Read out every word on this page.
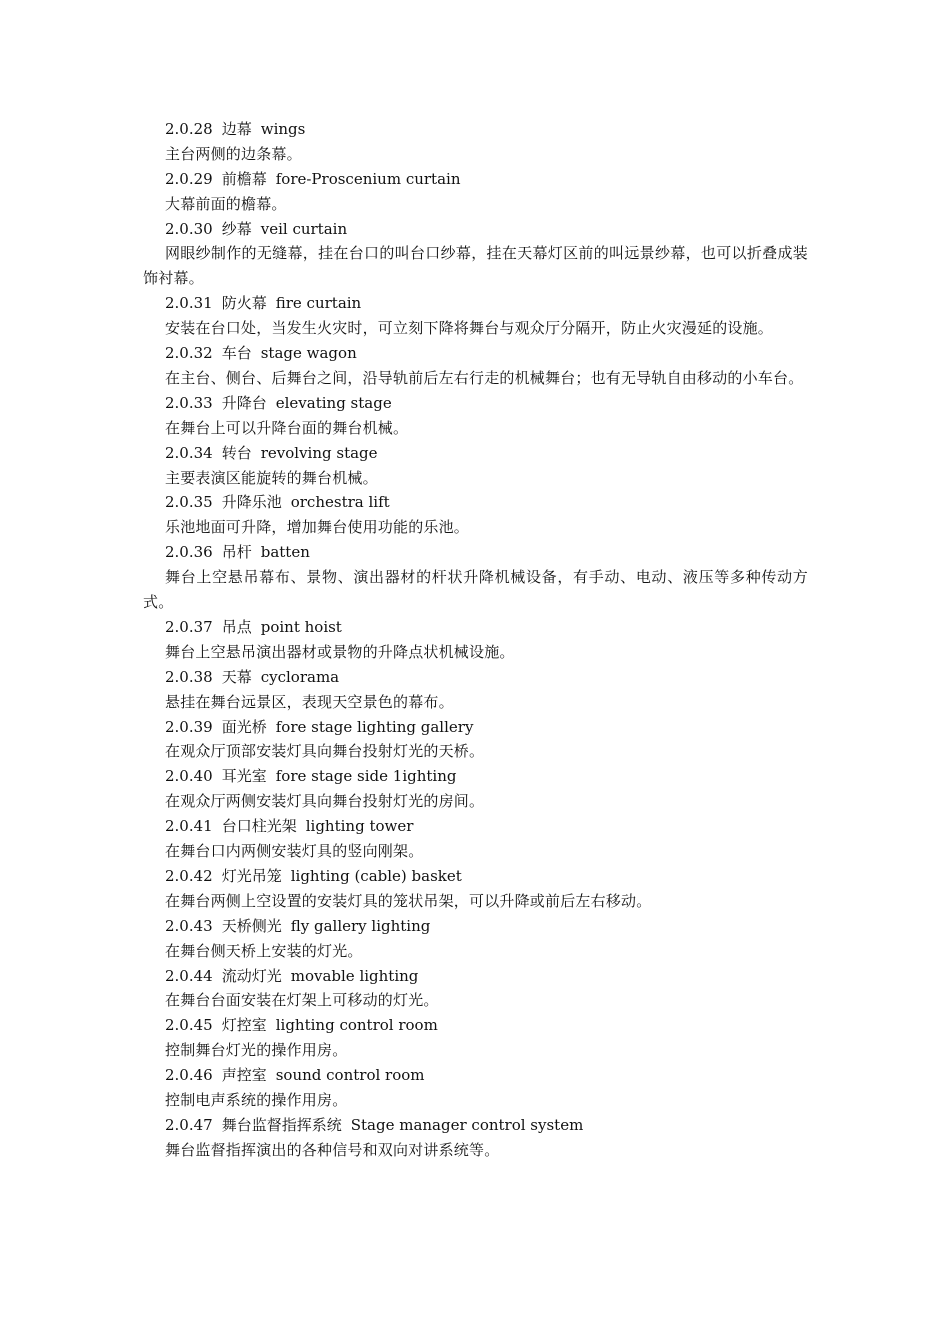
2.0.28 边幕 wings
主台两侧的边条幕。
2.0.29 前檐幕 fore-Proscenium curtain
大幕前面的檐幕。
2.0.30 纱幕 veil curtain
网眼纱制作的无缝幕，挂在台口的叫台口纱幕，挂在天幕灯区前的叫远景纱幕，也可以折叠成装饰衬幕。
2.0.31 防火幕 fire curtain
安装在台口处，当发生火灾时，可立刻下降将舞台与观众厅分隔开，防止火灾漫延的设施。
2.0.32 车台 stage wagon
在主台、侧台、后舞台之间，沿导轨前后左右行走的机械舞台；也有无导轨自由移动的小车台。
2.0.33 升降台 elevating stage
在舞台上可以升降台面的舞台机械。
2.0.34 转台 revolving stage
主要表演区能旋转的舞台机械。
2.0.35 升降乐池 orchestra lift
乐池地面可升降，增加舞台使用功能的乐池。
2.0.36 吊杆 batten
舞台上空悬吊幕布、景物、演出器材的杆状升降机械设备，有手动、电动、液压等多种传动方式。
2.0.37 吊点 point hoist
舞台上空悬吊演出器材或景物的升降点状机械设施。
2.0.38 天幕 cyclorama
悬挂在舞台远景区，表现天空景色的幕布。
2.0.39 面光桥 fore stage lighting gallery
在观众厅顶部安装灯具向舞台投射灯光的天桥。
2.0.40 耳光室 fore stage side 1ighting
在观众厅两侧安装灯具向舞台投射灯光的房间。
2.0.41 台口柱光架 lighting tower
在舞台口内两侧安装灯具的竖向刚架。
2.0.42 灯光吊笼 lighting (cable) basket
在舞台两侧上空设置的安装灯具的笼状吊架，可以升降或前后左右移动。
2.0.43 天桥侧光 fly gallery lighting
在舞台侧天桥上安装的灯光。
2.0.44 流动灯光 movable lighting
在舞台台面安装在灯架上可移动的灯光。
2.0.45 灯控室 lighting control room
控制舞台灯光的操作用房。
2.0.46 声控室 sound control room
控制电声系统的操作用房。
2.0.47 舞台监督指挥系统 Stage manager control system
舞台监督指挥演出的各种信号和双向对讲系统等。
